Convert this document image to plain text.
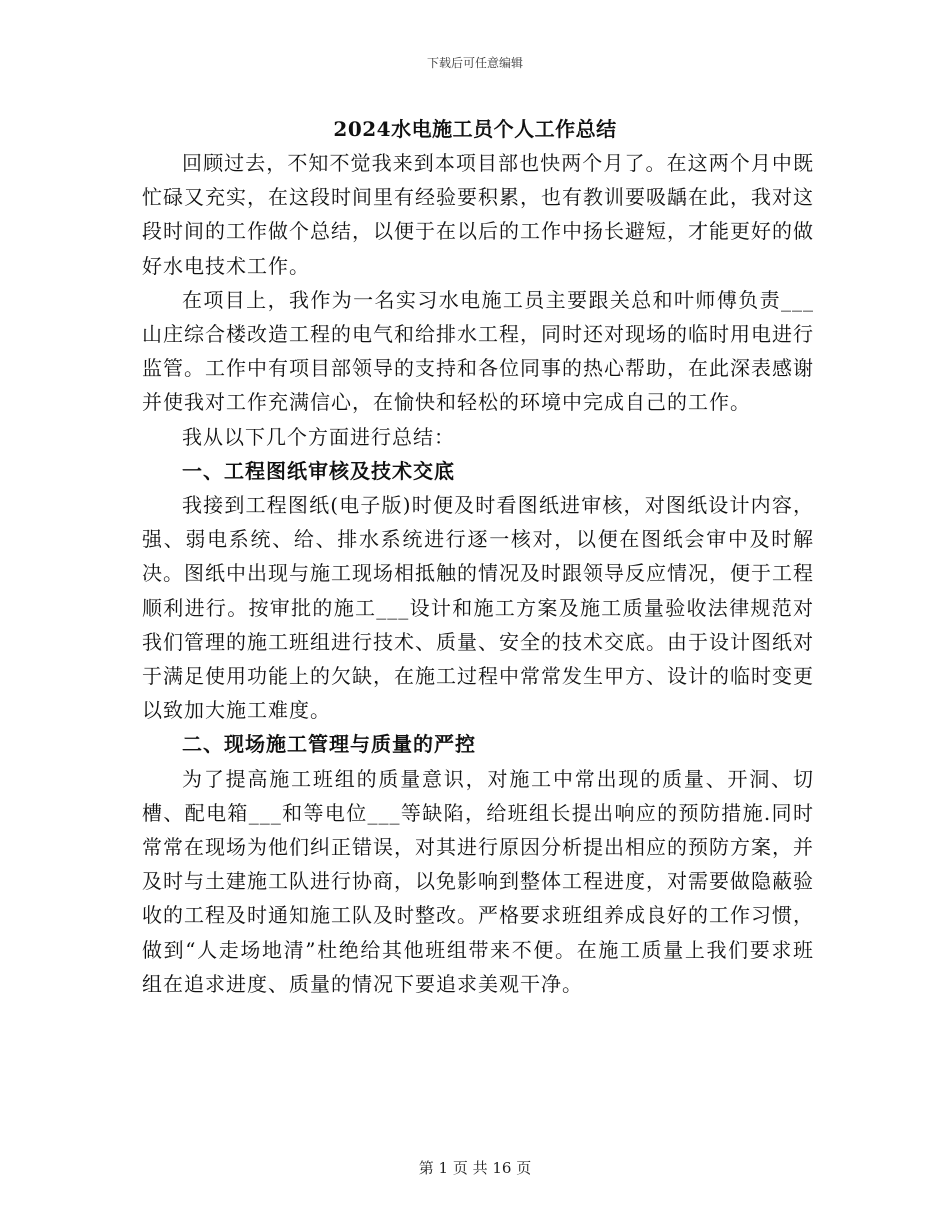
下载后可任意编辑
2024水电施工员个人工作总结

回顾过去，不知不觉我来到本项目部也快两个月了。在这两个月中既忙碌又充实，在这段时间里有经验要积累，也有教训要吸龋在此，我对这段时间的工作做个总结，以便于在以后的工作中扬长避短，才能更好的做好水电技术工作。

在项目上，我作为一名实习水电施工员主要跟关总和叶师傅负责___山庄综合楼改造工程的电气和给排水工程，同时还对现场的临时用电进行监管。工作中有项目部领导的支持和各位同事的热心帮助，在此深表感谢并使我对工作充满信心，在愉快和轻松的环境中完成自己的工作。

我从以下几个方面进行总结：

一、工程图纸审核及技术交底

我接到工程图纸(电子版)时便及时看图纸进审核，对图纸设计内容，强、弱电系统、给、排水系统进行逐一核对，以便在图纸会审中及时解决。图纸中出现与施工现场相抵触的情况及时跟领导反应情况，便于工程顺利进行。按审批的施工___设计和施工方案及施工质量验收法律规范对我们管理的施工班组进行技术、质量、安全的技术交底。由于设计图纸对于满足使用功能上的欠缺，在施工过程中常常发生甲方、设计的临时变更以致加大施工难度。

二、现场施工管理与质量的严控

为了提高施工班组的质量意识，对施工中常出现的质量、开洞、切槽、配电箱___和等电位___等缺陷，给班组长提出响应的预防措施.同时常常在现场为他们纠正错误，对其进行原因分析提出相应的预防方案，并及时与土建施工队进行协商，以免影响到整体工程进度，对需要做隐蔽验收的工程及时通知施工队及时整改。严格要求班组养成良好的工作习惯，做到“人走场地清”杜绝给其他班组带来不便。在施工质量上我们要求班组在追求进度、质量的情况下要追求美观干净。

第 1 页 共 16 页
